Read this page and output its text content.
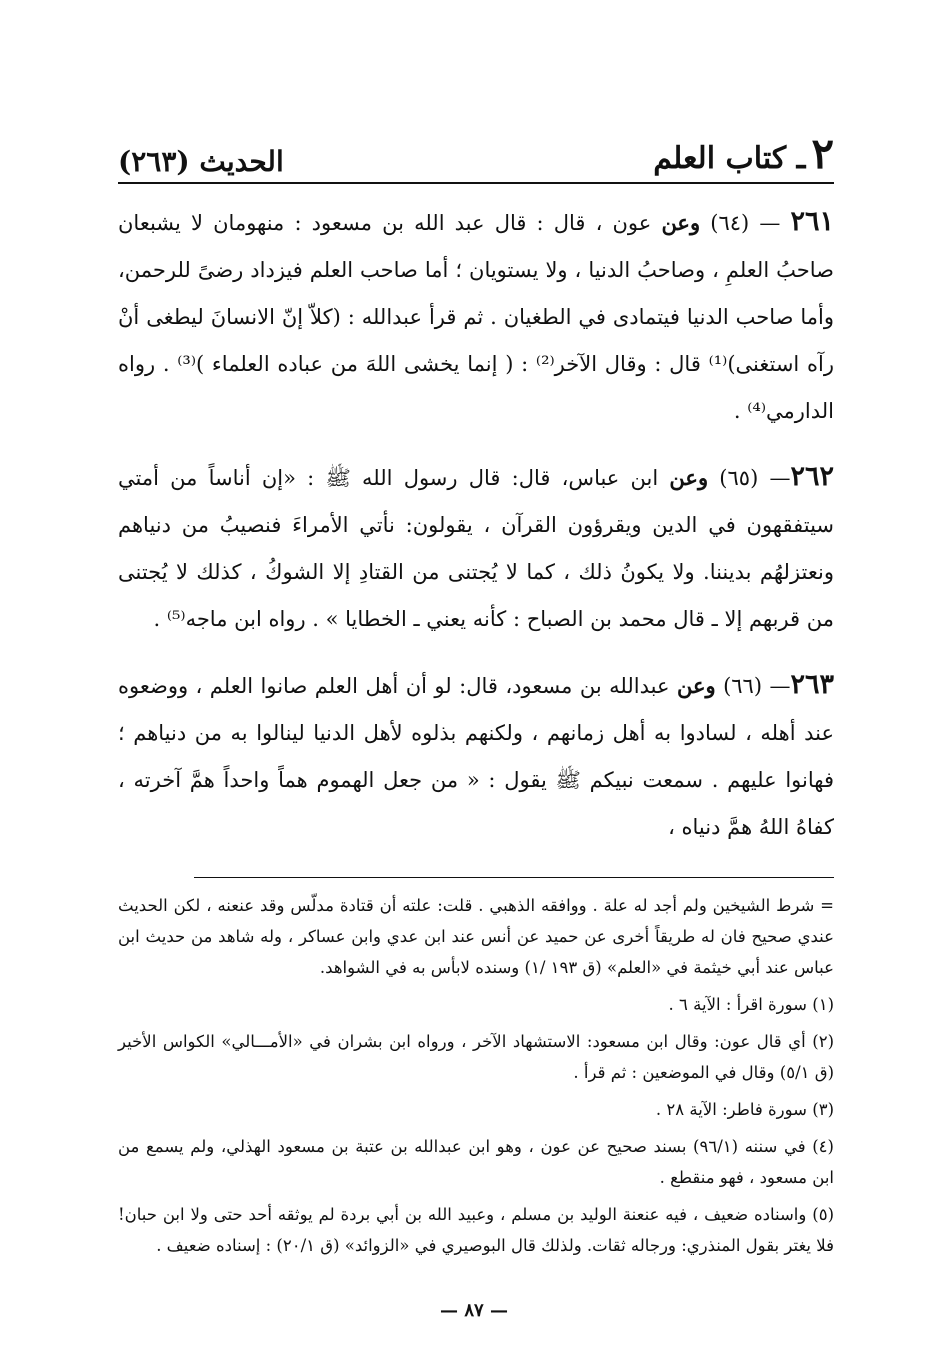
٢ـ كتاب العلم
الحديث (٢٦٣)

٢٦١ — (٦٤) وعن عون ، قال : قال عبد الله بن مسعود : منهومان لا يشبعان صاحبُ العلمِ ، وصاحبُ الدنيا ، ولا يستويان ؛ أما صاحب العلم فيزداد رضىً للرحمن، وأما صاحب الدنيا فيتمادى في الطغيان . ثم قرأ عبدالله : (كلاّ إنّ الانسانَ ليطغى أنْ رآه استغنى)⁽¹⁾ قال : وقال الآخر⁽²⁾ : ( إنما يخشى اللهَ من عباده العلماء )⁽³⁾ . رواه الدارمي⁽⁴⁾ .

٢٦٢— (٦٥) وعن ابن عباس، قال: قال رسول الله ﷺ : «إن أناساً من أمتي سيتفقهون في الدين ويقرؤون القرآن ، يقولون: نأتي الأمراءَ فنصيبُ من دنياهم ونعتزلهُم بديننا. ولا يكونُ ذلك ، كما لا يُجتنى من القتادِ إلا الشوكُ ، كذلك لا يُجتنى من قربهم إلا ـ قال محمد بن الصباح : كأنه يعني ـ الخطايا » . رواه ابن ماجه⁽⁵⁾ .

٢٦٣— (٦٦) وعن عبدالله بن مسعود، قال: لو أن أهل العلم صانوا العلم ، ووضعوه عند أهله ، لسادوا به أهل زمانهم ، ولكنهم بذلوه لأهل الدنيا لينالوا به من دنياهم ؛ فهانوا عليهم . سمعت نبيكم ﷺ يقول : « من جعل الهموم هماً واحداً همَّ آخرته ، كفاهُ اللهُ همَّ دنياه ،

= شرط الشيخين ولم أجد له علة . ووافقه الذهبي . قلت: علته أن قتادة مدلّس وقد عنعنه ، لكن الحديث عندي صحيح فان له طريقاً أخرى عن حميد عن أنس عند ابن عدي وابن عساكر ، وله شاهد من حديث ابن عباس عند أبي خيثمة في «العلم» (ق ١٩٣ /١) وسنده لابأس به في الشواهد.

(١) سورة اقرأ : الآية ٦ .

(٢) أي قال عون: وقال ابن مسعود: الاستشهاد الآخر ، ورواه ابن بشران في «الأمـــالي» الكواس الأخير (ق ٥/١) وقال في الموضعين : ثم قرأ .

(٣) سورة فاطر: الآية ٢٨ .

(٤) في سننه (٩٦/١) بسند صحيح عن عون ، وهو ابن عبدالله بن عتبة بن مسعود الهذلي، ولم يسمع من ابن مسعود ، فهو منقطع .

(٥) واسناده ضعيف ، فيه عنعنة الوليد بن مسلم ، وعبيد الله بن أبي بردة لم يوثقه أحد حتى ولا ابن حبان! فلا يغتر بقول المنذري: ورجاله ثقات. ولذلك قال البوصيري في «الزوائد» (ق ٢٠/١) : إسناده ضعيف .

— ٨٧ —
